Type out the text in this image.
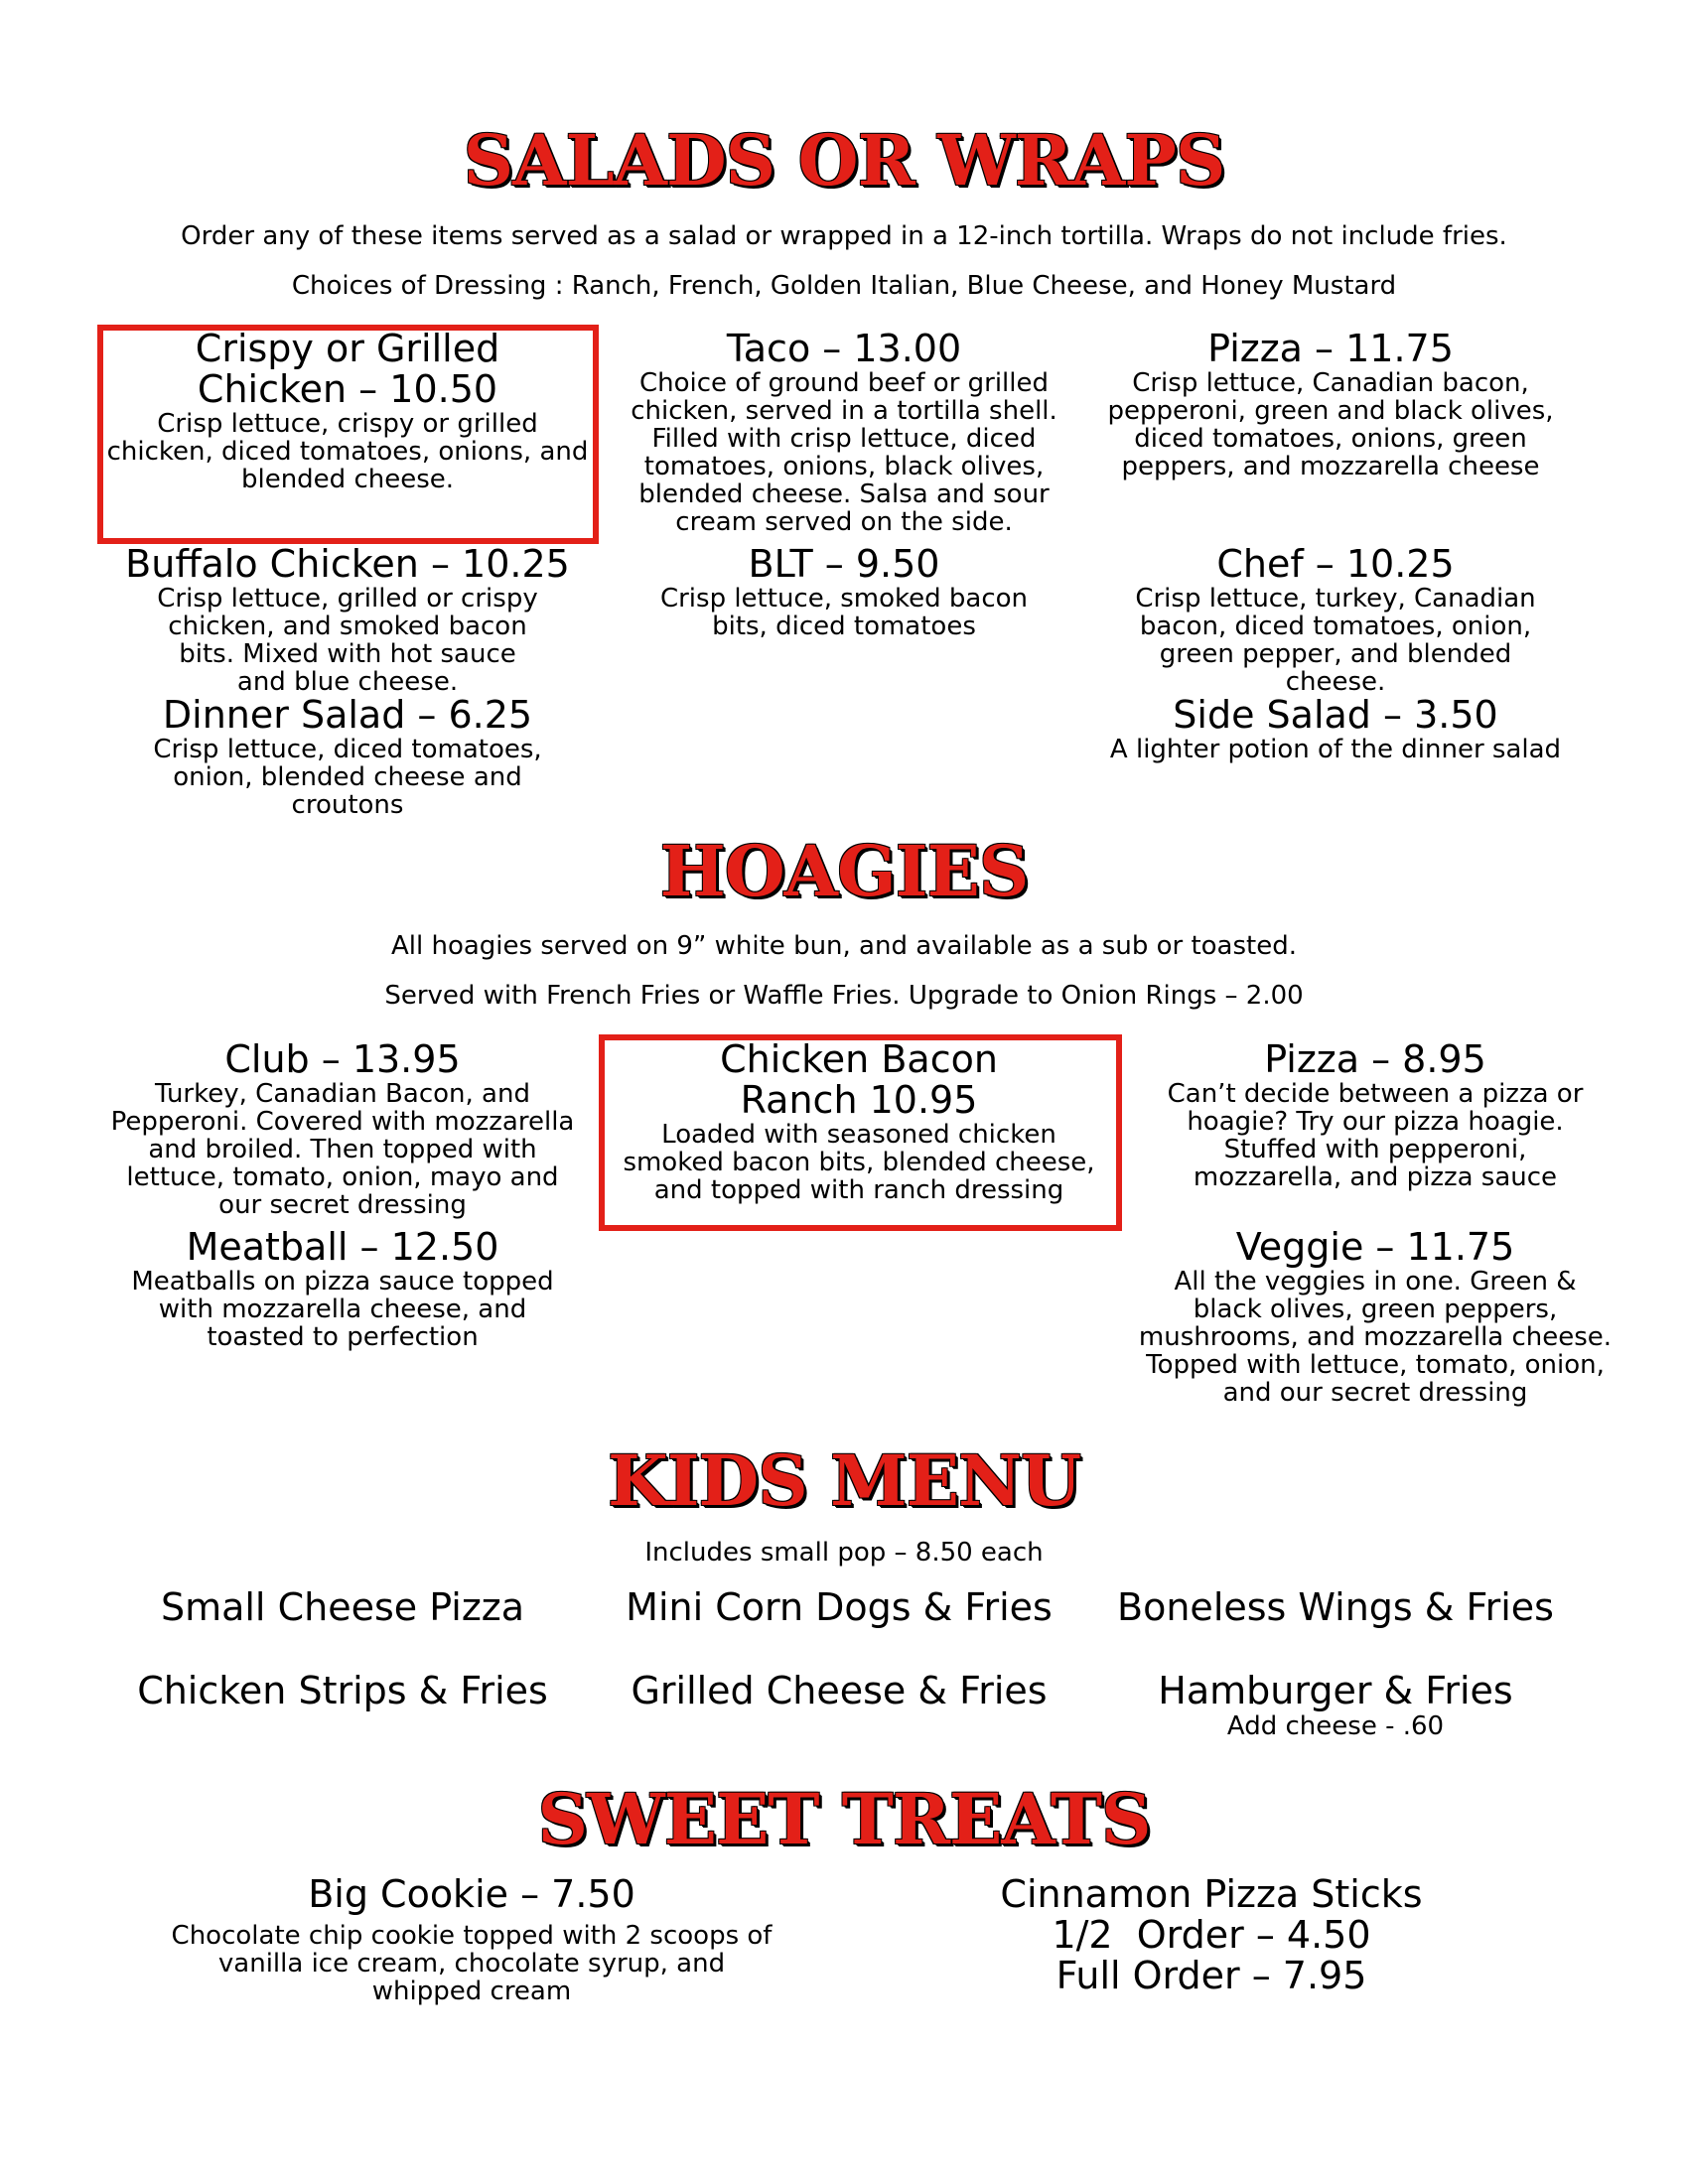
SALADS OR WRAPS

Order any of these items served as a salad or wrapped in a 12-inch tortilla. Wraps do not include fries.

Choices of Dressing : Ranch, French, Golden Italian, Blue Cheese, and Honey Mustard

Crispy or Grilled Chicken – 10.50
Crisp lettuce, crispy or grilled chicken, diced tomatoes, onions, and blended cheese.
Taco – 13.00
Choice of ground beef or grilled chicken, served in a tortilla shell. Filled with crisp lettuce, diced tomatoes, onions, black olives, blended cheese. Salsa and sour cream served on the side.
Pizza – 11.75
Crisp lettuce, Canadian bacon, pepperoni, green and black olives, diced tomatoes, onions, green peppers, and mozzarella cheese
Buffalo Chicken – 10.25
Crisp lettuce, grilled or crispy chicken, and smoked bacon bits. Mixed with hot sauce and blue cheese.
BLT – 9.50
Crisp lettuce, smoked bacon bits, diced tomatoes
Chef – 10.25
Crisp lettuce, turkey, Canadian bacon, diced tomatoes, onion, green pepper, and blended cheese.
Dinner Salad – 6.25
Crisp lettuce, diced tomatoes, onion, blended cheese and croutons
Side Salad – 3.50
A lighter potion of the dinner salad
HOAGIES

All hoagies served on 9” white bun, and available as a sub or toasted.

Served with French Fries or Waffle Fries. Upgrade to Onion Rings – 2.00

Club – 13.95
Turkey, Canadian Bacon, and Pepperoni. Covered with mozzarella and broiled. Then topped with lettuce, tomato, onion, mayo and our secret dressing
Chicken Bacon Ranch 10.95
Loaded with seasoned chicken smoked bacon bits, blended cheese, and topped with ranch dressing
Pizza – 8.95
Can’t decide between a pizza or hoagie? Try our pizza hoagie. Stuffed with pepperoni, mozzarella, and pizza sauce
Meatball – 12.50
Meatballs on pizza sauce topped with mozzarella cheese, and toasted to perfection
Veggie – 11.75
All the veggies in one. Green & black olives, green peppers, mushrooms, and mozzarella cheese. Topped with lettuce, tomato, onion, and our secret dressing
KIDS MENU

Includes small pop – 8.50 each

Small Cheese Pizza	Mini Corn Dogs & Fries	Boneless Wings & Fries
Chicken Strips & Fries	Grilled Cheese & Fries	Hamburger & Fries
Add cheese - .60
SWEET TREATS
Big Cookie – 7.50
Chocolate chip cookie topped with 2 scoops of vanilla ice cream, chocolate syrup, and whipped cream
Cinnamon Pizza Sticks
1/2  Order – 4.50
Full Order – 7.95
